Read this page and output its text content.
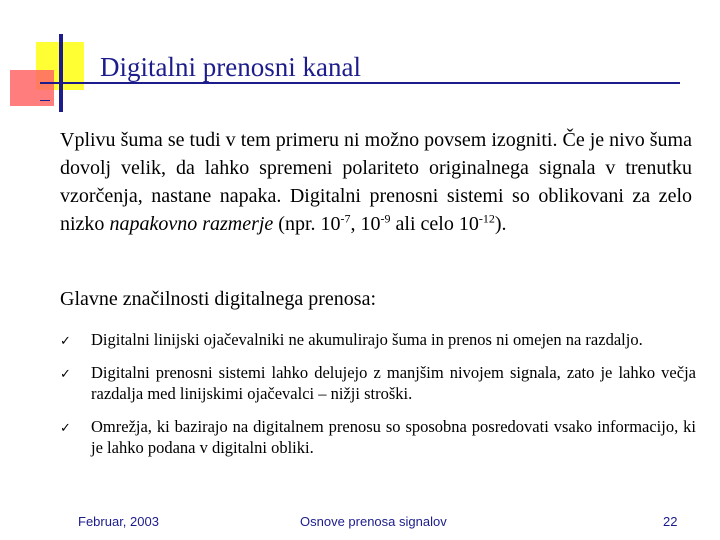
Digitalni prenosni kanal
Vplivu šuma se tudi v tem primeru ni možno povsem izogniti. Če je nivo šuma dovolj velik, da lahko spremeni polariteto originalnega signala v trenutku vzorčenja, nastane napaka. Digitalni prenosni sistemi so oblikovani za zelo nizko napakovno razmerje (npr. $10^{-7}$, $10^{-9}$ ali celo $10^{-12}$).
Glavne značilnosti digitalnega prenosa:
✓ Digitalni linijski ojačevalniki ne akumulirajo šuma in prenos ni omejen na razdaljo.
✓ Digitalni prenosni sistemi lahko delujejo z manjšim nivojem signala, zato je lahko večja razdalja med linijskimi ojačevalci – nižji stroški.
✓ Omrežja, ki bazirajo na digitalnem prenosu so sposobna posredovati vsako informacijo, ki je lahko podana v digitalni obliki.
Februar, 2003	Osnove prenosa signalov	22
